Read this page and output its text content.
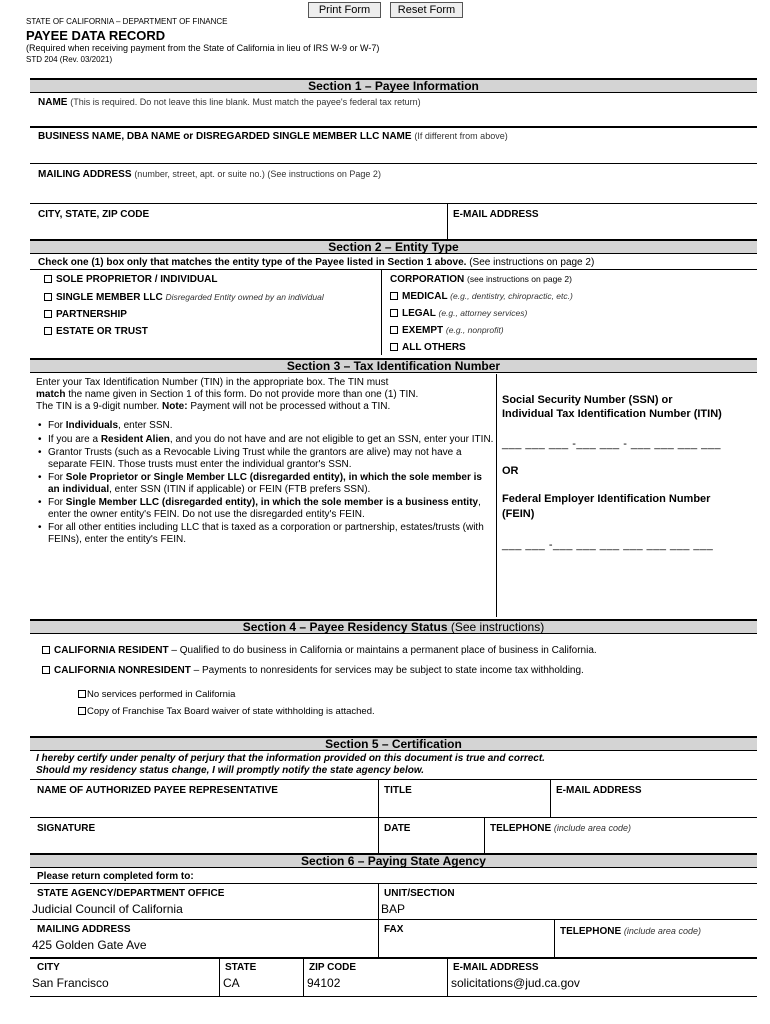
STATE OF CALIFORNIA – DEPARTMENT OF FINANCE
Print Form	Reset Form
PAYEE DATA RECORD
(Required when receiving payment from the State of California in lieu of IRS W-9 or W-7)
STD 204 (Rev. 03/2021)
Section 1 – Payee Information
NAME (This is required. Do not leave this line blank. Must match the payee's federal tax return)
BUSINESS NAME, DBA NAME or DISREGARDED SINGLE MEMBER LLC NAME (If different from above)
MAILING ADDRESS (number, street, apt. or suite no.) (See instructions on Page 2)
CITY, STATE, ZIP CODE	E-MAIL ADDRESS
Section 2 – Entity Type
Check one (1) box only that matches the entity type of the Payee listed in Section 1 above. (See instructions on page 2)
SOLE PROPRIETOR / INDIVIDUAL
SINGLE MEMBER LLC Disregarded Entity owned by an individual
PARTNERSHIP
ESTATE OR TRUST
CORPORATION (see instructions on page 2)
MEDICAL (e.g., dentistry, chiropractic, etc.)
LEGAL (e.g., attorney services)
EXEMPT (e.g., nonprofit)
ALL OTHERS
Section 3 – Tax Identification Number
Enter your Tax Identification Number (TIN) in the appropriate box. The TIN must
match the name given in Section 1 of this form. Do not provide more than one (1) TIN.
The TIN is a 9-digit number. Note: Payment will not be processed without a TIN.
• For Individuals, enter SSN.
• If you are a Resident Alien, and you do not have and are not eligible to get an SSN, enter your ITIN.
• Grantor Trusts (such as a Revocable Living Trust while the grantors are alive) may not have a separate FEIN. Those trusts must enter the individual grantor's SSN.
• For Sole Proprietor or Single Member LLC (disregarded entity), in which the sole member is an individual, enter SSN (ITIN if applicable) or FEIN (FTB prefers SSN).
• For Single Member LLC (disregarded entity), in which the sole member is a business entity, enter the owner entity's FEIN. Do not use the disregarded entity's FEIN.
• For all other entities including LLC that is taxed as a corporation or partnership, estates/trusts (with FEINs), enter the entity's FEIN.
Social Security Number (SSN) or
Individual Tax Identification Number (ITIN)
___ ___ ___ -___ ___ - ___ ___ ___ ___
OR
Federal Employer Identification Number
(FEIN)
___ ___ -___ ___ ___ ___ ___ ___ ___
Section 4 – Payee Residency Status (See instructions)
CALIFORNIA RESIDENT – Qualified to do business in California or maintains a permanent place of business in California.
CALIFORNIA NONRESIDENT – Payments to nonresidents for services may be subject to state income tax withholding.
No services performed in California
Copy of Franchise Tax Board waiver of state withholding is attached.
Section 5 – Certification
I hereby certify under penalty of perjury that the information provided on this document is true and correct.
Should my residency status change, I will promptly notify the state agency below.
NAME OF AUTHORIZED PAYEE REPRESENTATIVE	TITLE	E-MAIL ADDRESS
SIGNATURE	DATE	TELEPHONE (include area code)
Section 6 – Paying State Agency
Please return completed form to:
STATE AGENCY/DEPARTMENT OFFICE
Judicial Council of California
UNIT/SECTION
BAP
MAILING ADDRESS
425 Golden Gate Ave
FAX	TELEPHONE (include area code)
CITY
San Francisco
STATE
CA
ZIP CODE
94102
E-MAIL ADDRESS
solicitations@jud.ca.gov
